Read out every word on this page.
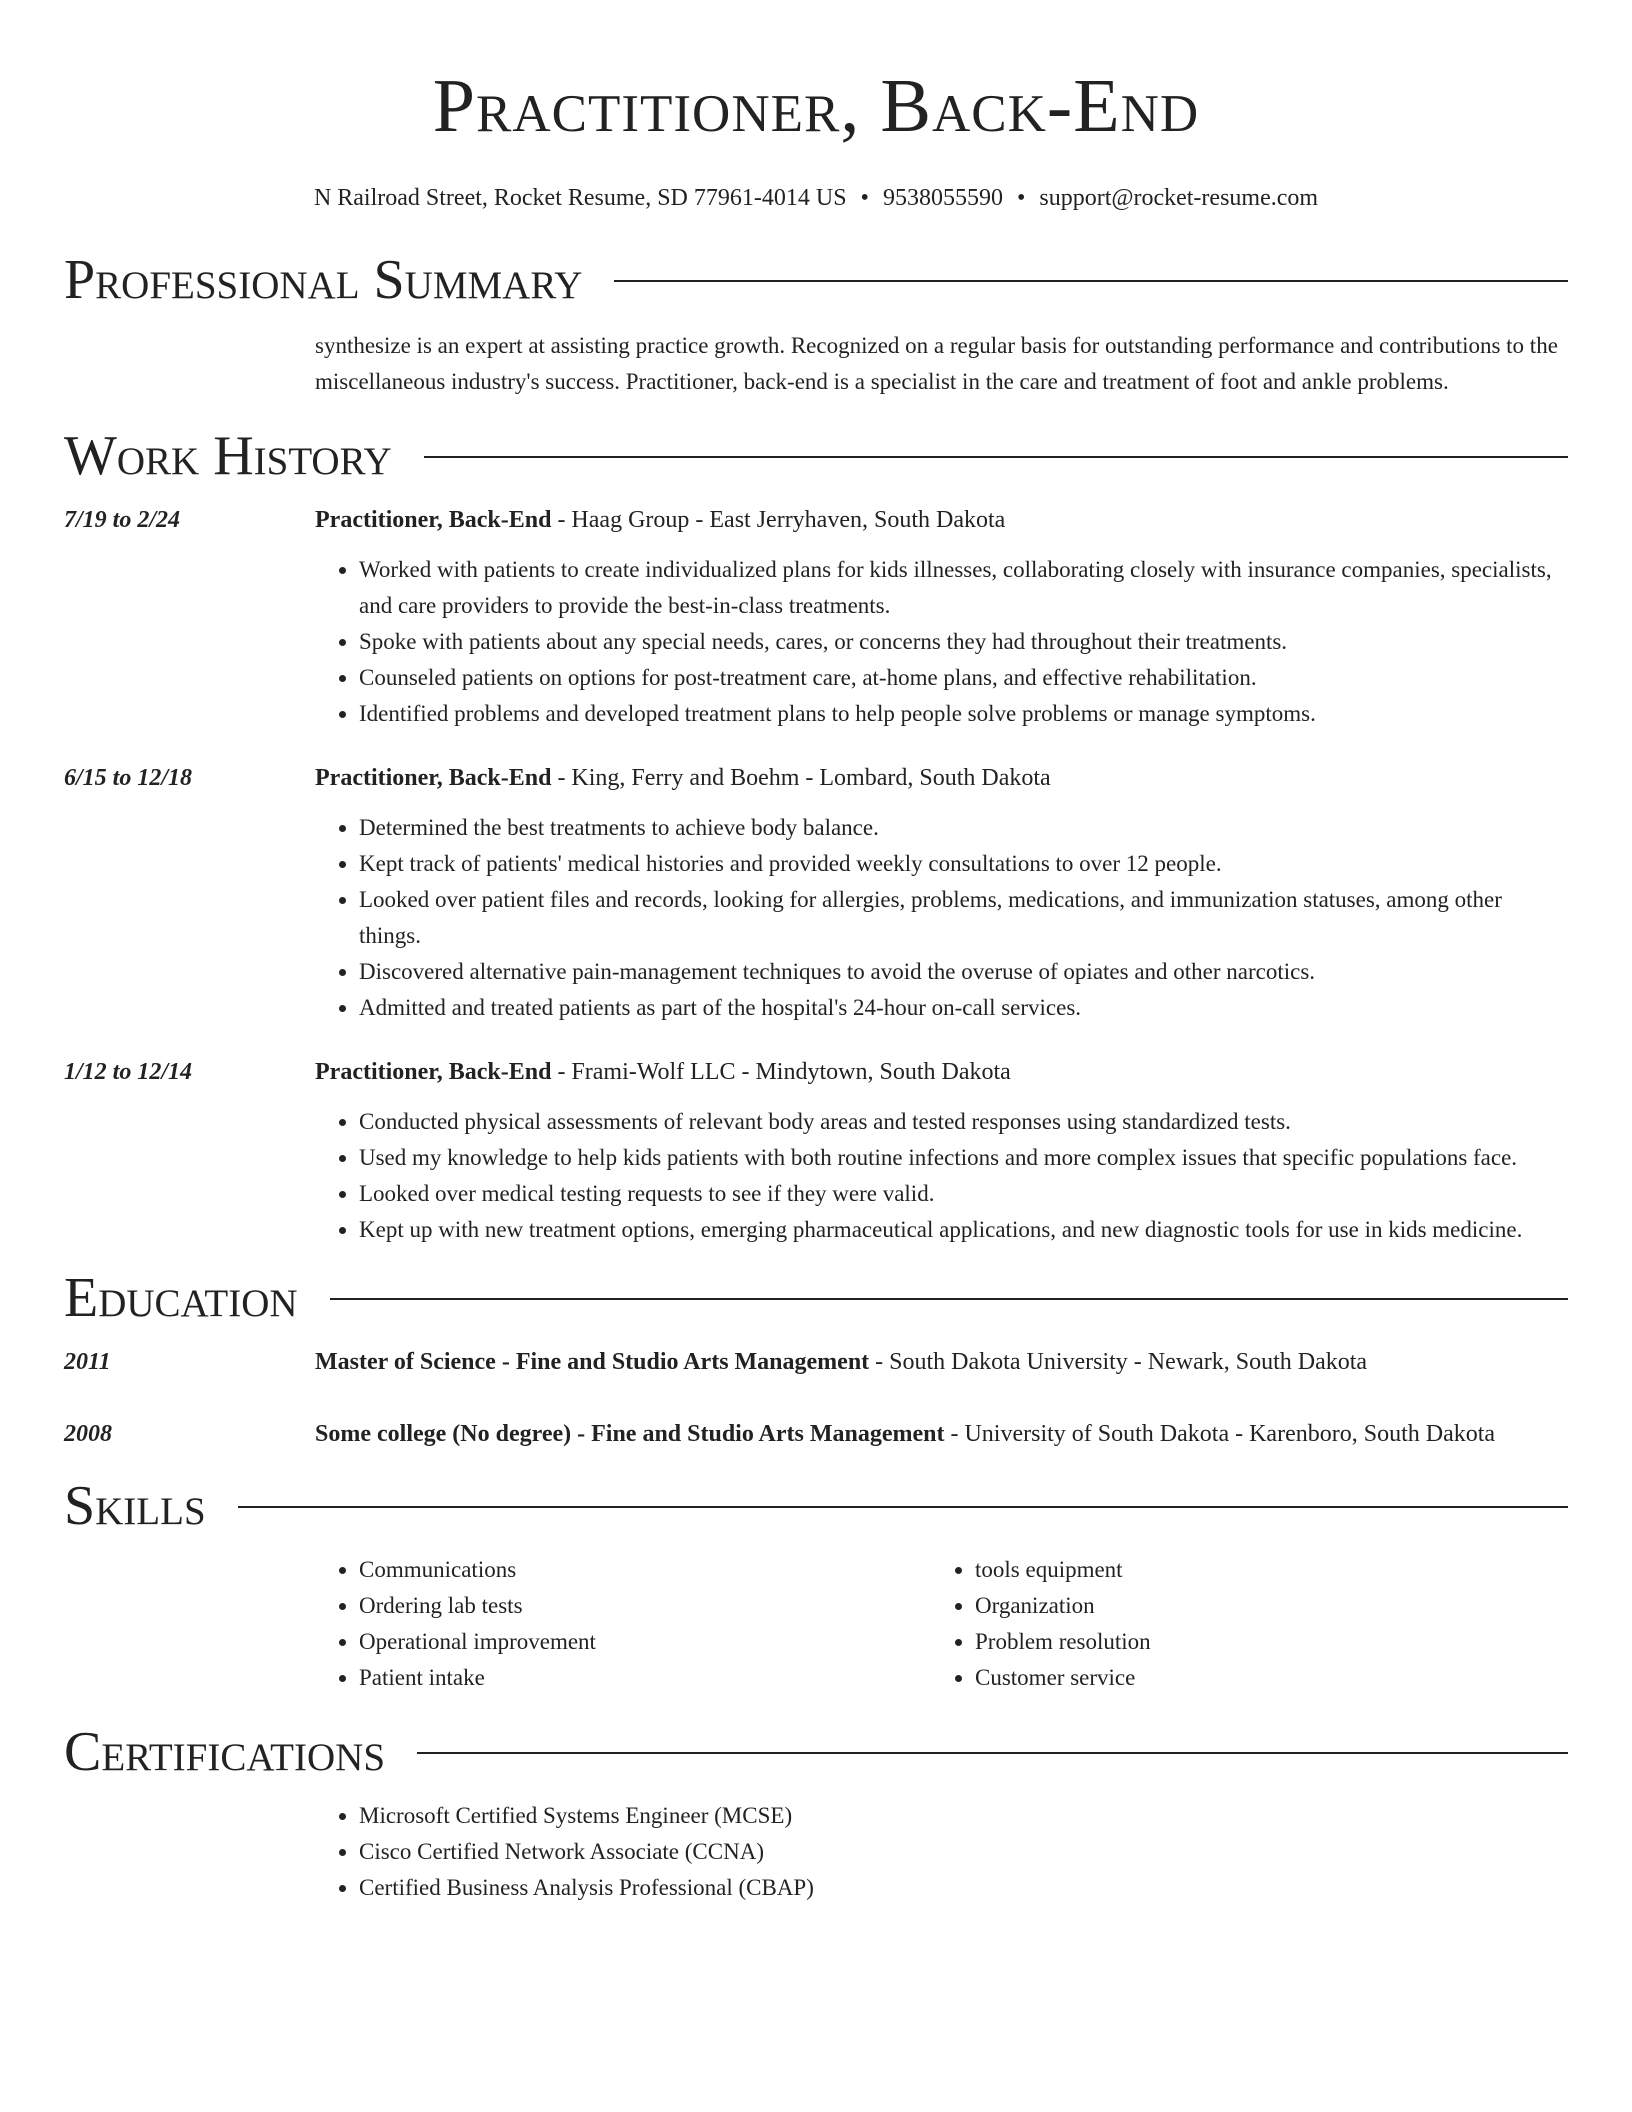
Practitioner, Back-End
N Railroad Street, Rocket Resume, SD 77961-4014 US • 9538055590 • support@rocket-resume.com
Professional Summary
synthesize is an expert at assisting practice growth. Recognized on a regular basis for outstanding performance and contributions to the miscellaneous industry's success. Practitioner, back-end is a specialist in the care and treatment of foot and ankle problems.
Work History
7/19 to 2/24	Practitioner, Back-End - Haag Group - East Jerryhaven, South Dakota
• Worked with patients to create individualized plans for kids illnesses, collaborating closely with insurance companies, specialists, and care providers to provide the best-in-class treatments.
• Spoke with patients about any special needs, cares, or concerns they had throughout their treatments.
• Counseled patients on options for post-treatment care, at-home plans, and effective rehabilitation.
• Identified problems and developed treatment plans to help people solve problems or manage symptoms.
6/15 to 12/18	Practitioner, Back-End - King, Ferry and Boehm - Lombard, South Dakota
• Determined the best treatments to achieve body balance.
• Kept track of patients' medical histories and provided weekly consultations to over 12 people.
• Looked over patient files and records, looking for allergies, problems, medications, and immunization statuses, among other things.
• Discovered alternative pain-management techniques to avoid the overuse of opiates and other narcotics.
• Admitted and treated patients as part of the hospital's 24-hour on-call services.
1/12 to 12/14	Practitioner, Back-End - Frami-Wolf LLC - Mindytown, South Dakota
• Conducted physical assessments of relevant body areas and tested responses using standardized tests.
• Used my knowledge to help kids patients with both routine infections and more complex issues that specific populations face.
• Looked over medical testing requests to see if they were valid.
• Kept up with new treatment options, emerging pharmaceutical applications, and new diagnostic tools for use in kids medicine.
Education
2011	Master of Science - Fine and Studio Arts Management - South Dakota University - Newark, South Dakota
2008	Some college (No degree) - Fine and Studio Arts Management - University of South Dakota - Karenboro, South Dakota
Skills
• Communications
• Ordering lab tests
• Operational improvement
• Patient intake
• tools equipment
• Organization
• Problem resolution
• Customer service
Certifications
• Microsoft Certified Systems Engineer (MCSE)
• Cisco Certified Network Associate (CCNA)
• Certified Business Analysis Professional (CBAP)
